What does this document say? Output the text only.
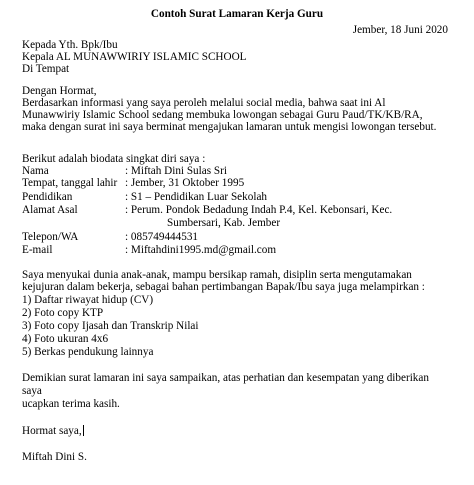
Contoh Surat Lamaran Kerja Guru
Jember, 18 Juni 2020
Kepada Yth. Bpk/Ibu
Kepala AL MUNAWWIRIY ISLAMIC SCHOOL
Di Tempat
Dengan Hormat,
Berdasarkan informasi yang saya peroleh melalui social media, bahwa saat ini Al
Munawwiriy Islamic School sedang membuka lowongan sebagai Guru Paud/TK/KB/RA,
maka dengan surat ini saya berminat mengajukan lamaran untuk mengisi lowongan tersebut.
Berikut adalah biodata singkat diri saya :
Nama	: Miftah Dini Sulas Sri
Tempat, tanggal lahir : Jember, 31 Oktober 1995
Pendidikan	: S1 – Pendidikan Luar Sekolah
Alamat Asal	: Perum. Pondok Bedadung Indah P.4, Kel. Kebonsari, Kec.
Sumbersari, Kab. Jember
Telepon/WA	: 085749444531
E-mail	: Miftahdini1995.md@gmail.com
Saya menyukai dunia anak-anak, mampu bersikap ramah, disiplin serta mengutamakan
kejujuran dalam bekerja, sebagai bahan pertimbangan Bapak/Ibu saya juga melampirkan :
1) Daftar riwayat hidup (CV)
2) Foto copy KTP
3) Foto copy Ijasah dan Transkrip Nilai
4) Foto ukuran 4x6
5) Berkas pendukung lainnya
Demikian surat lamaran ini saya sampaikan, atas perhatian dan kesempatan yang diberikan
saya
ucapkan terima kasih.
Hormat saya,
Miftah Dini S.
